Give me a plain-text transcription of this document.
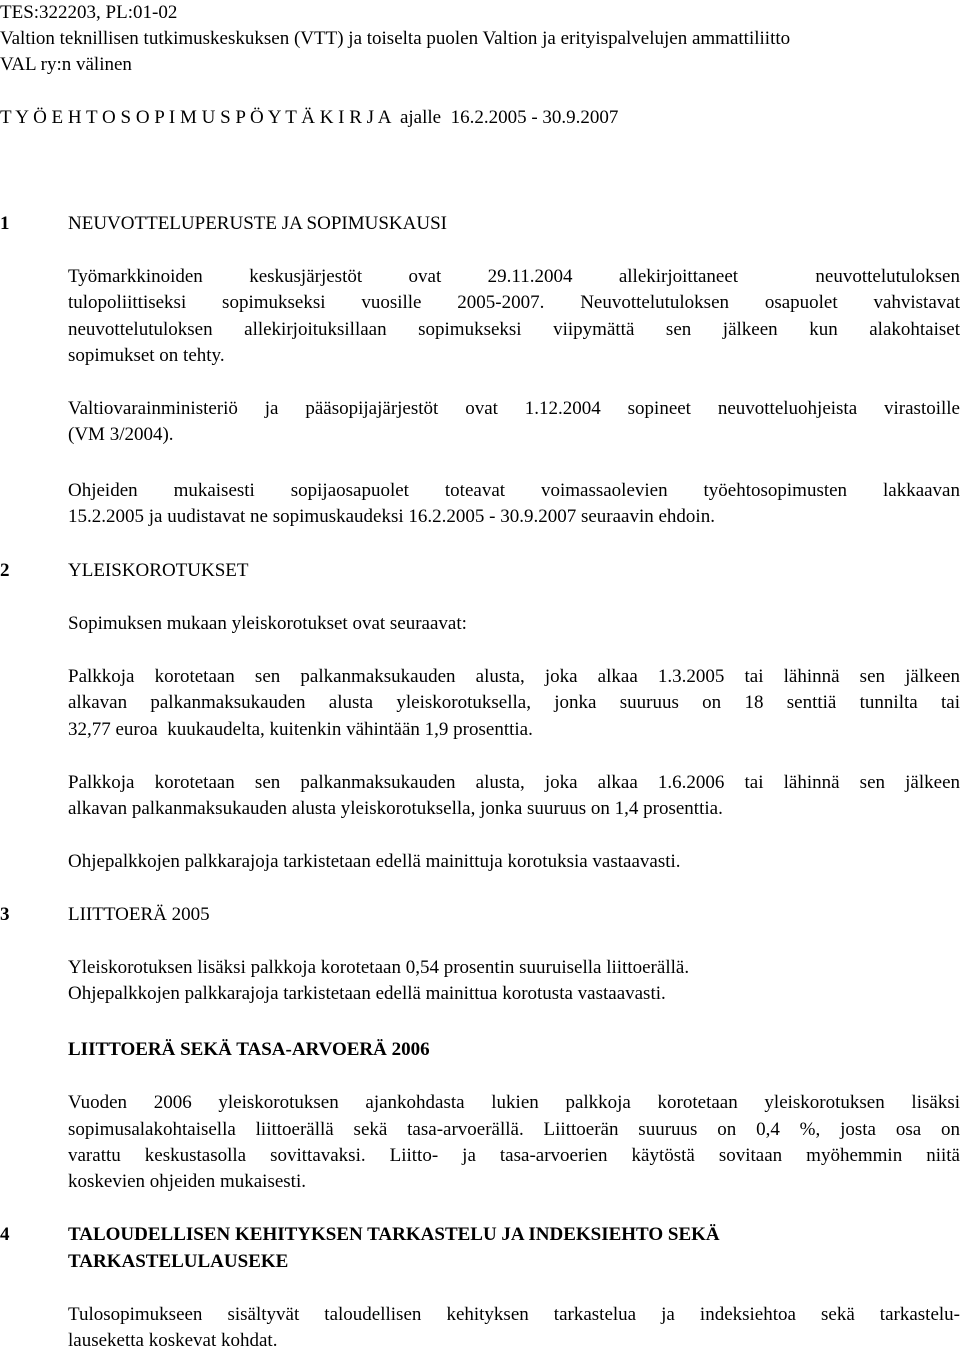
TES:322203, PL:01-02
Valtion teknillisen tutkimuskeskuksen (VTT) ja toiselta puolen Valtion ja erityispalvelujen ammattiliitto
VAL ry:n välinen
T Y Ö E H T O S O P I M U S P Ö Y T Ä K I R J A  ajalle  16.2.2005 - 30.9.2007
1	NEUVOTTELUPERUSTE JA SOPIMUSKAUSI
Työmarkkinoiden   keskusjärjestöt   ovat   29.11.2004   allekirjoittaneet     neuvottelutuloksen
tulopoliittiseksi sopimukseksi vuosille 2005-2007. Neuvottelutuloksen osapuolet vahvistavat
neuvottelutuloksen allekirjoituksillaan sopimukseksi viipymättä sen jälkeen kun alakohtaiset
sopimukset on tehty.
Valtiovarainministeriö ja pääsopijajärjestöt ovat 1.12.2004 sopineet neuvotteluohjeista virastoille
(VM 3/2004).
Ohjeiden mukaisesti sopijaosapuolet toteavat voimassaolevien työehtosopimusten lakkaavan
15.2.2005 ja uudistavat ne sopimuskaudeksi 16.2.2005 - 30.9.2007 seuraavin ehdoin.
2	YLEISKOROTUKSET
Sopimuksen mukaan yleiskorotukset ovat seuraavat:
Palkkoja korotetaan sen palkanmaksukauden alusta, joka alkaa 1.3.2005 tai lähinnä sen jälkeen
alkavan palkanmaksukauden alusta yleiskorotuksella, jonka suuruus on 18 senttiä tunnilta tai
32,77 euroa  kuukaudelta, kuitenkin vähintään 1,9 prosenttia.
Palkkoja korotetaan sen palkanmaksukauden alusta, joka alkaa 1.6.2006 tai lähinnä sen jälkeen
alkavan palkanmaksukauden alusta yleiskorotuksella, jonka suuruus on 1,4 prosenttia.
Ohjepalkkojen palkkarajoja tarkistetaan edellä mainittuja korotuksia vastaavasti.
3	LIITTOERÄ 2005
Yleiskorotuksen lisäksi palkkoja korotetaan 0,54 prosentin suuruisella liittoerällä.
Ohjepalkkojen palkkarajoja tarkistetaan edellä mainittua korotusta vastaavasti.
LIITTOERÄ SEKÄ TASA-ARVOERÄ 2006
Vuoden 2006 yleiskorotuksen ajankohdasta lukien palkkoja korotetaan yleiskorotuksen lisäksi
sopimusalakohtaisella liittoerällä sekä tasa-arvoerällä. Liittoerän suuruus on 0,4 %, josta osa on
varattu keskustasolla sovittavaksi. Liitto- ja tasa-arvoerien käytöstä sovitaan myöhemmin niitä
koskevien ohjeiden mukaisesti.
4	TALOUDELLISEN KEHITYKSEN TARKASTELU JA INDEKSIEHTO SEKÄ
TARKASTELULAUSEKE
Tulosopimukseen sisältyvät taloudellisen kehityksen tarkastelua ja indeksiehtoa sekä tarkastelu-
lauseketta koskevat kohdat.
